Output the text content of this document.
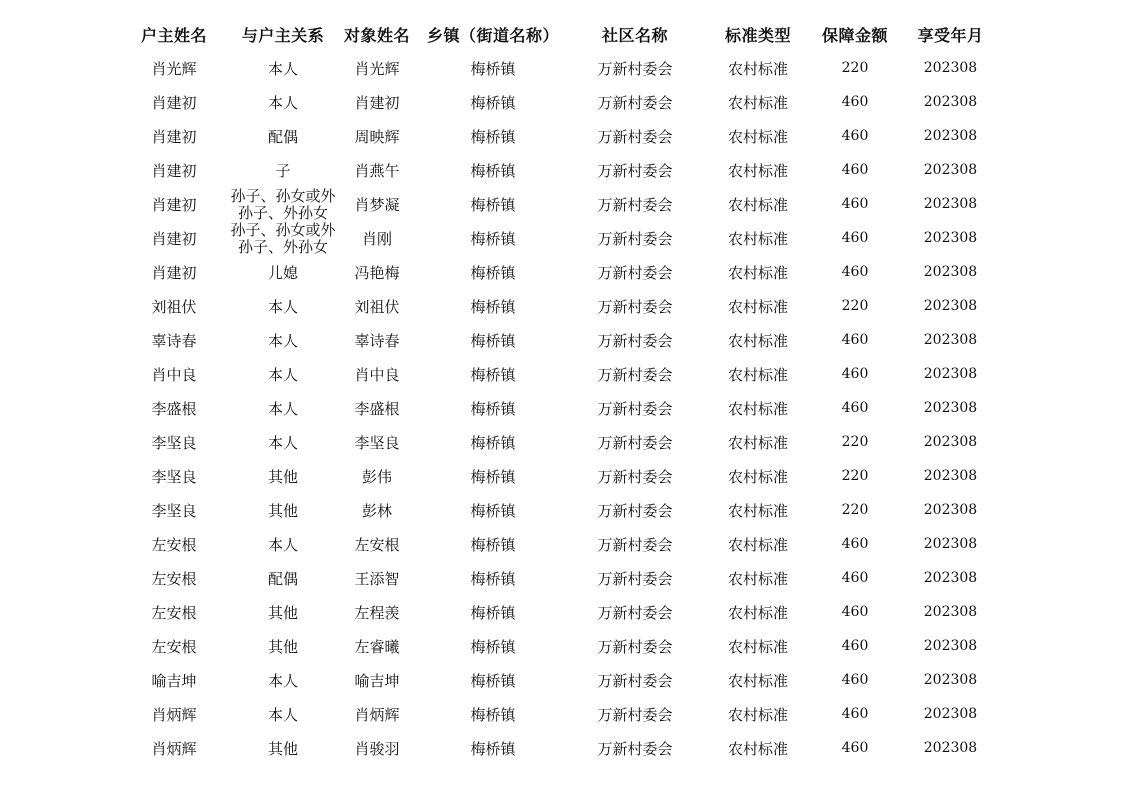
户主姓名	与户主关系	对象姓名	乡镇（街道名称）	社区名称	标准类型	保障金额	享受年月
肖光辉	本人	肖光辉	梅桥镇	万新村委会	农村标准	220	202308
肖建初	本人	肖建初	梅桥镇	万新村委会	农村标准	460	202308
肖建初	配偶	周映辉	梅桥镇	万新村委会	农村标准	460	202308
肖建初	子	肖燕午	梅桥镇	万新村委会	农村标准	460	202308
肖建初	孙子、孙女或外孙子、外孙女	肖梦凝	梅桥镇	万新村委会	农村标准	460	202308
肖建初	孙子、孙女或外孙子、外孙女	肖刚	梅桥镇	万新村委会	农村标准	460	202308
肖建初	儿媳	冯艳梅	梅桥镇	万新村委会	农村标准	460	202308
刘祖伏	本人	刘祖伏	梅桥镇	万新村委会	农村标准	220	202308
辜诗春	本人	辜诗春	梅桥镇	万新村委会	农村标准	460	202308
肖中良	本人	肖中良	梅桥镇	万新村委会	农村标准	460	202308
李盛根	本人	李盛根	梅桥镇	万新村委会	农村标准	460	202308
李坚良	本人	李坚良	梅桥镇	万新村委会	农村标准	220	202308
李坚良	其他	彭伟	梅桥镇	万新村委会	农村标准	220	202308
李坚良	其他	彭林	梅桥镇	万新村委会	农村标准	220	202308
左安根	本人	左安根	梅桥镇	万新村委会	农村标准	460	202308
左安根	配偶	王添智	梅桥镇	万新村委会	农村标准	460	202308
左安根	其他	左程羡	梅桥镇	万新村委会	农村标准	460	202308
左安根	其他	左睿曦	梅桥镇	万新村委会	农村标准	460	202308
喻吉坤	本人	喻吉坤	梅桥镇	万新村委会	农村标准	460	202308
肖炳辉	本人	肖炳辉	梅桥镇	万新村委会	农村标准	460	202308
肖炳辉	其他	肖骏羽	梅桥镇	万新村委会	农村标准	460	202308
